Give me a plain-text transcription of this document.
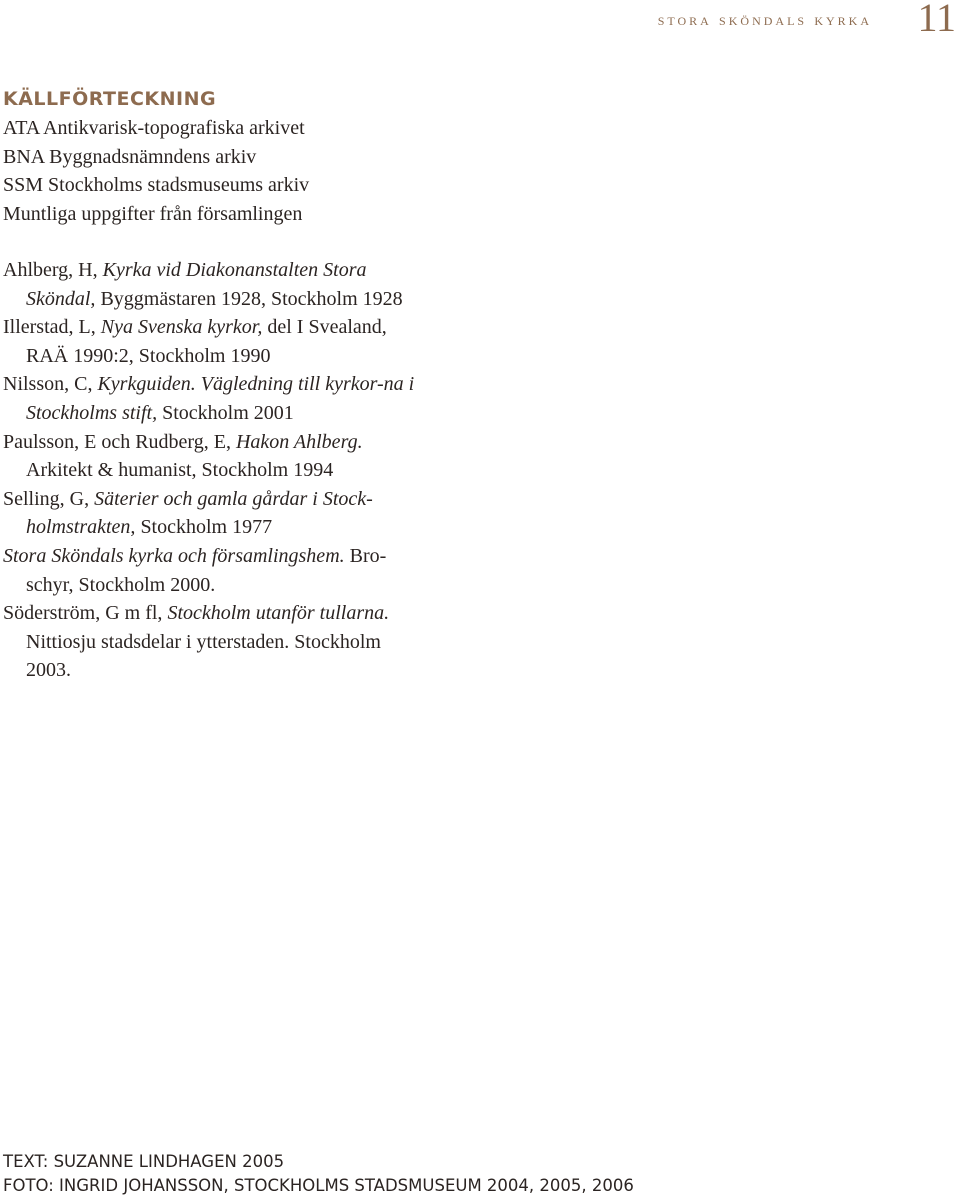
stora sköndals kyrka 11
KÄLLFÖRTECKNING
ATA Antikvarisk-topografiska arkivet
BNA Byggnadsnämndens arkiv
SSM Stockholms stadsmuseums arkiv
Muntliga uppgifter från församlingen
Ahlberg, H, Kyrka vid Diakonanstalten Stora Sköndal, Byggmästaren 1928, Stockholm 1928
Illerstad, L, Nya Svenska kyrkor, del I Svealand, RAÄ 1990:2, Stockholm 1990
Nilsson, C, Kyrkguiden. Vägledning till kyrkor-na i Stockholms stift, Stockholm 2001
Paulsson, E och Rudberg, E, Hakon Ahlberg. Arkitekt & humanist, Stockholm 1994
Selling, G, Säterier och gamla gårdar i Stock-holmstrakten, Stockholm 1977
Stora Sköndals kyrka och församlingshem. Bro-schyr, Stockholm 2000.
Söderström, G m fl, Stockholm utanför tullarna. Nittiosju stadsdelar i ytterstaden. Stockholm 2003.
TEXT: SUZANNE LINDHAGEN 2005
FOTO: INGRID JOHANSSON, STOCKHOLMS STADSMUSEUM 2004, 2005, 2006
